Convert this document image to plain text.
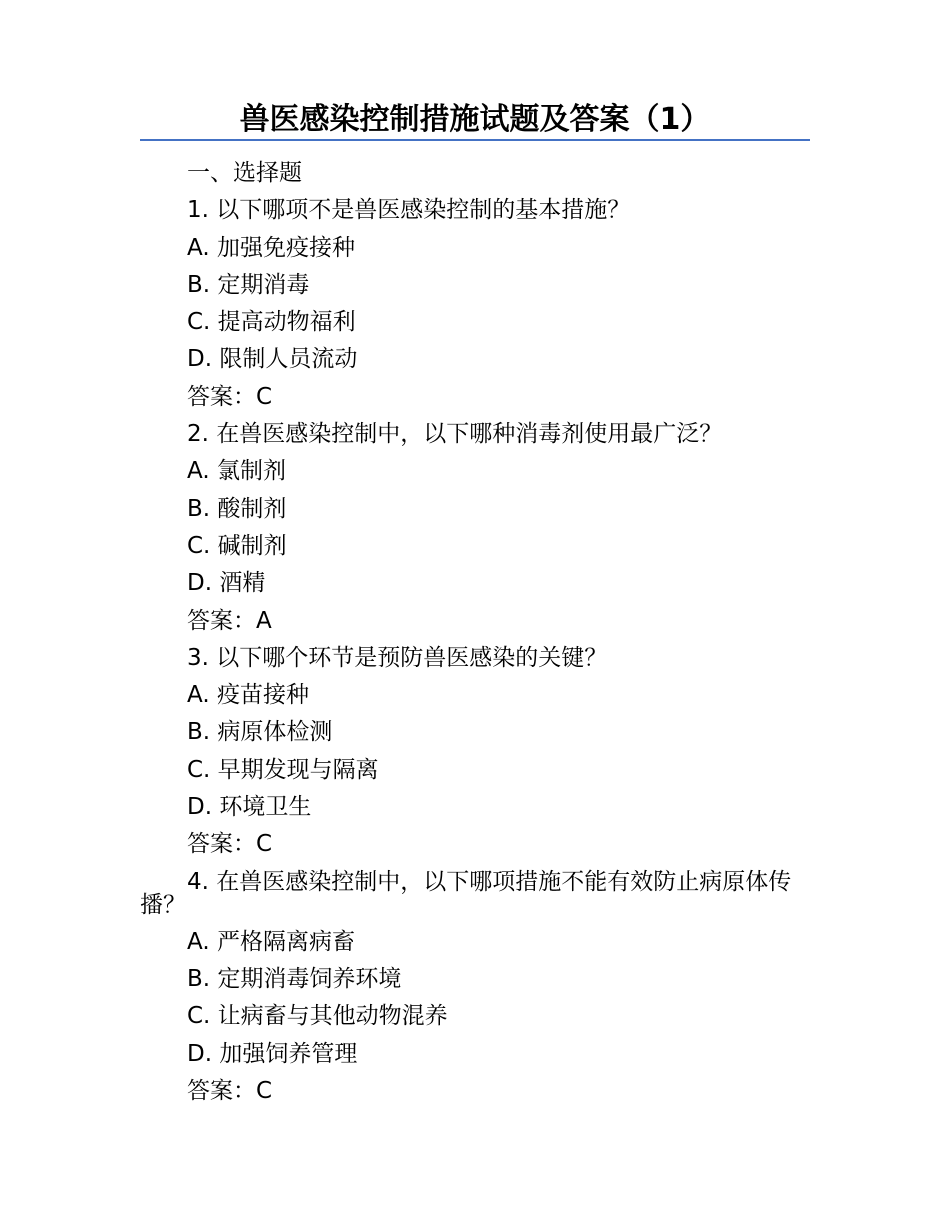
兽医感染控制措施试题及答案（1）
一、选择题
1. 以下哪项不是兽医感染控制的基本措施？
A. 加强免疫接种
B. 定期消毒
C. 提高动物福利
D. 限制人员流动
答案：C
2. 在兽医感染控制中，以下哪种消毒剂使用最广泛？
A. 氯制剂
B. 酸制剂
C. 碱制剂
D. 酒精
答案：A
3. 以下哪个环节是预防兽医感染的关键？
A. 疫苗接种
B. 病原体检测
C. 早期发现与隔离
D. 环境卫生
答案：C
4. 在兽医感染控制中，以下哪项措施不能有效防止病原体传播？
A. 严格隔离病畜
B. 定期消毒饲养环境
C. 让病畜与其他动物混养
D. 加强饲养管理
答案：C
